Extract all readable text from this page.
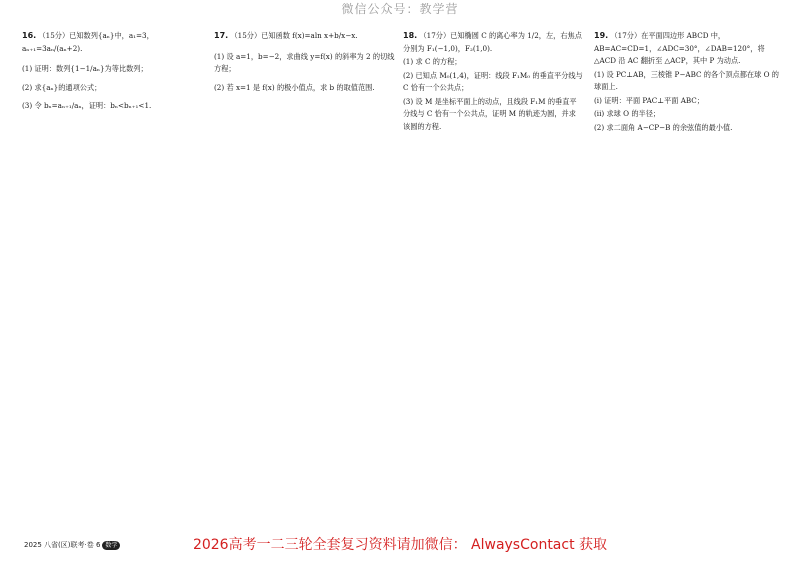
微信公众号：教学营
16. （15分）已知数列{aₙ}中，a₁=3，aₙ₊₁=3aₙ/(aₙ+2).
(1) 证明：数列{1−1/aₙ}为等比数列；
(2) 求{aₙ}的通项公式；
(3) 令 bₙ=aₙ₊₁/aₙ，证明：bₙ<bₙ₊₁<1.
17. （15分）已知函数 f(x)=aln x+b/x−x.
(1) 设 a=1，b=−2，求曲线 y=f(x) 的斜率为 2 的切线方程；
(2) 若 x=1 是 f(x) 的极小值点，求 b 的取值范围.
18. （17分）已知椭圆 C 的离心率为 1/2，左，右焦点分别为 F₁(−1,0)，F₂(1,0).
(1) 求 C 的方程；
(2) 已知点 M₀(1,4)，证明：线段 F₁M₀ 的垂直平分线与 C 恰有一个公共点；
(3) 设 M 是坐标平面上的动点，且线段 F₁M 的垂直平分线与 C 恰有一个公共点，证明 M 的轨迹为圆，并求该圆的方程.
19. （17分）在平面四边形 ABCD 中，AB=AC=CD=1，∠ADC=30°，∠DAB=120°，将 △ACD 沿 AC 翻折至 △ACP，其中 P 为动点.
(1) 设 PC⊥AB，三棱锥 P−ABC 的各个顶点都在球 O 的球面上.
(i) 证明：平面 PAC⊥平面 ABC；
(ii) 求球 O 的半径；
(2) 求二面角 A−CP−B 的余弦值的最小值.
2025 八省(区)联考·卷 6 数学	2026高考一二三轮全套复习资料请加微信： AlwaysContact 获取
